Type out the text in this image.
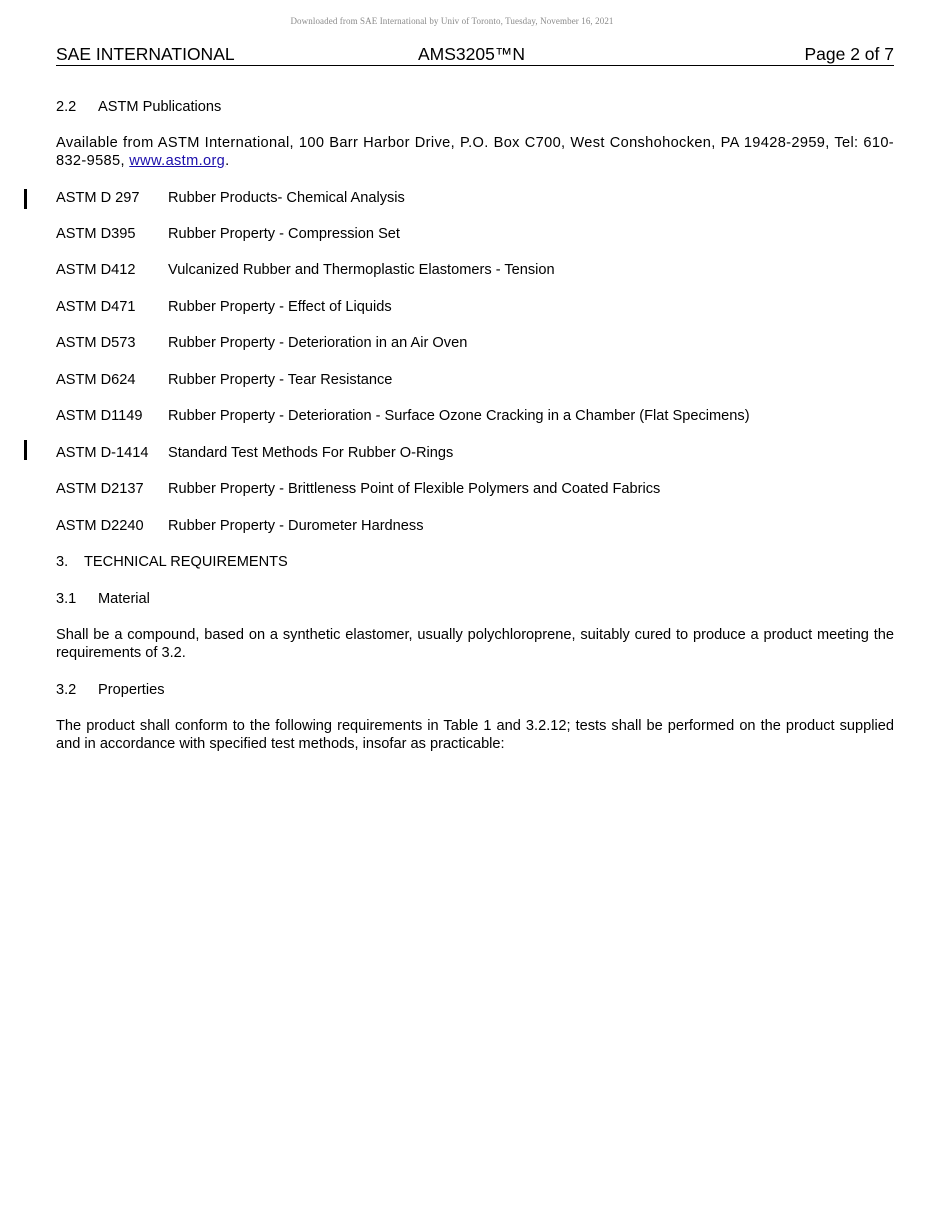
Downloaded from SAE International by Univ of Toronto, Tuesday, November 16, 2021
SAE INTERNATIONAL	AMS3205™N	Page 2 of 7
2.2 ASTM Publications
Available from ASTM International, 100 Barr Harbor Drive, P.O. Box C700, West Conshohocken, PA 19428-2959, Tel: 610-832-9585, www.astm.org.
ASTM D 297 Rubber Products- Chemical Analysis
ASTM D395 Rubber Property - Compression Set
ASTM D412 Vulcanized Rubber and Thermoplastic Elastomers - Tension
ASTM D471 Rubber Property - Effect of Liquids
ASTM D573 Rubber Property - Deterioration in an Air Oven
ASTM D624 Rubber Property - Tear Resistance
ASTM D1149 Rubber Property - Deterioration - Surface Ozone Cracking in a Chamber (Flat Specimens)
ASTM D-1414 Standard Test Methods For Rubber O-Rings
ASTM D2137 Rubber Property - Brittleness Point of Flexible Polymers and Coated Fabrics
ASTM D2240 Rubber Property - Durometer Hardness
3. TECHNICAL REQUIREMENTS
3.1 Material
Shall be a compound, based on a synthetic elastomer, usually polychloroprene, suitably cured to produce a product meeting the requirements of 3.2.
3.2 Properties
The product shall conform to the following requirements in Table 1 and 3.2.12; tests shall be performed on the product supplied and in accordance with specified test methods, insofar as practicable:
